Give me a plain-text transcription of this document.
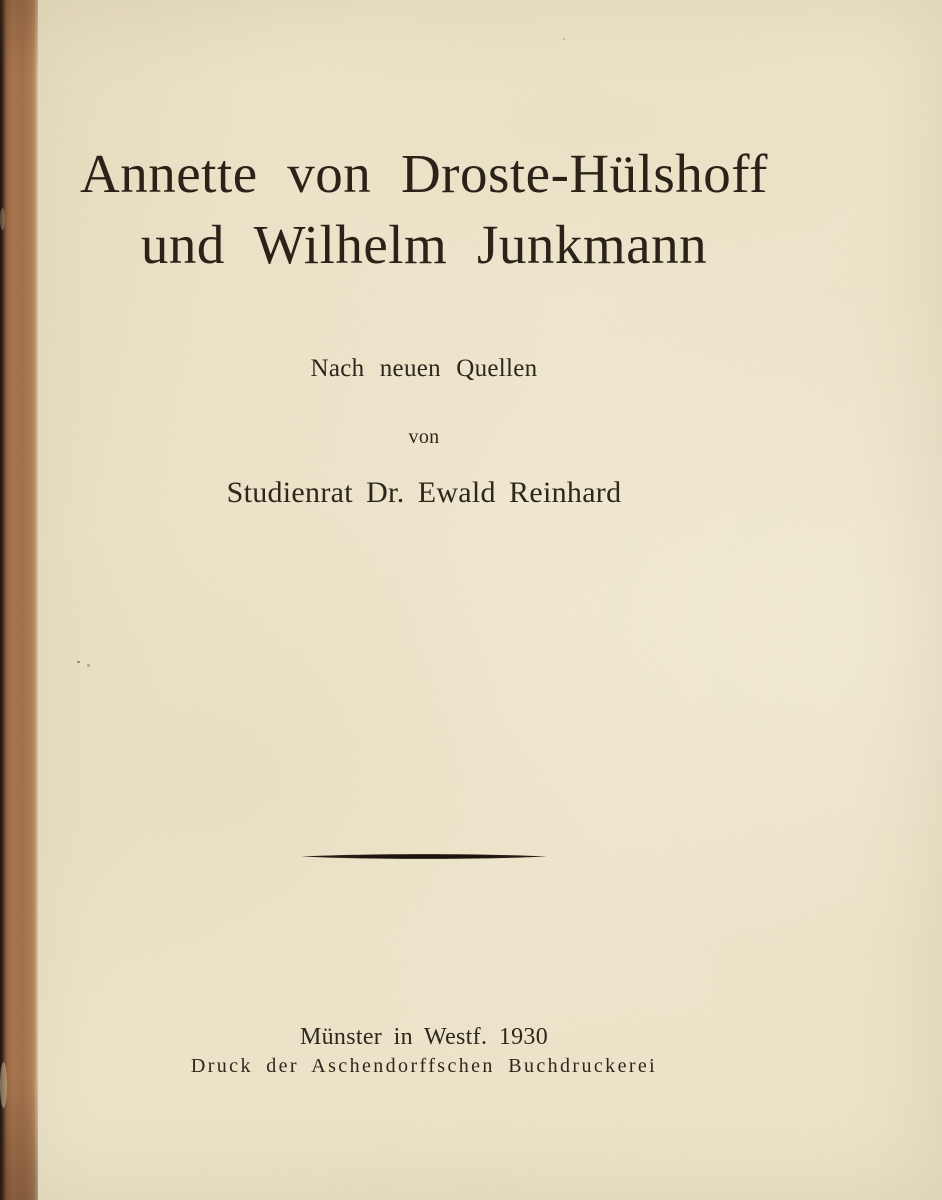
Annette von Droste-Hülshoff
und Wilhelm Junkmann
Nach neuen Quellen
von
Studienrat Dr. Ewald Reinhard
Münster in Westf. 1930
Druck der Aschendorffschen Buchdruckerei
